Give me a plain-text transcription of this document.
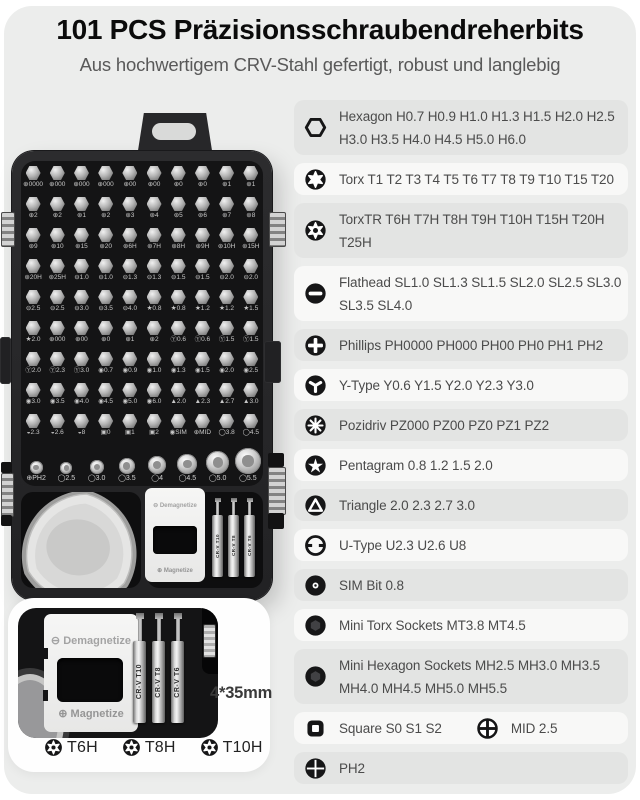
101 PCS Präzisionsschraubendreherbits
Aus hochwertigem CRV-Stahl gefertigt, robust und langlebig
⊕0000 ⊕000 ⊕000 ⊕000 ⊕00 ⊕00 ⊕0 ⊕0 ⊕1 ⊕1
⊕2 ⊕2 ⊛1 ⊛2 ⊛3 ⊛4 ⊛5 ⊛6 ⊛7 ⊛8
⊛9 ⊛10 ⊛15 ⊛20 ⊛6H ⊛7H ⊛8H ⊛9H ⊛10H ⊛15H
⊛20H ⊛25H ⊖1.0 ⊖1.0 ⊖1.3 ⊖1.3 ⊖1.5 ⊖1.5 ⊖2.0 ⊖2.0
⊖2.5 ⊖2.5 ⊖3.0 ⊖3.5 ⊖4.0 ★0.8 ★0.8 ★1.2 ★1.2 ★1.5
★2.0 ⊕000 ⊕00 ⊕0 ⊕1 ⊕2 Ⓨ0.6 Ⓨ0.6 Ⓨ1.5 Ⓨ1.5
Ⓨ2.0 Ⓨ2.3 Ⓨ3.0 ◉0.7 ◉0.9 ◉1.0 ◉1.3 ◉1.5 ◉2.0 ◉2.5
◉3.0 ◉3.5 ◉4.0 ◉4.5 ◉5.0 ◉6.0 ▲2.0 ▲2.3 ▲2.7 ▲3.0
◒2.3 ◒2.6 ◒8 ▣0 ▣1 ▣2 ◉SIM ⊕MID ◯3.8 ◯4.5
⊕PH2 ◯2.5 ◯3.0 ◯3.5 ◯4 ◯4.5 ◯5.0 ◯5.5
⊖ Demagnetize
⊕ Magnetize
CR-V T10 CR-V T8 CR-V T6
⊖ Demagnetize
⊕ Magnetize
CR-V T10 CR-V T8 CR-V T6 4*35mm
T6H	T8H	T10H
Hexagon H0.7 H0.9 H1.0 H1.3 H1.5 H2.0 H2.5 H3.0 H3.5 H4.0 H4.5 H5.0 H6.0
Torx T1 T2 T3 T4 T5 T6 T7 T8 T9 T10 T15 T20
TorxTR T6H T7H T8H T9H T10H T15H T20H T25H
Flathead SL1.0 SL1.3 SL1.5 SL2.0 SL2.5 SL3.0 SL3.5 SL4.0
Phillips PH0000 PH000 PH00 PH0 PH1 PH2
Y-Type Y0.6 Y1.5 Y2.0 Y2.3 Y3.0
Pozidriv PZ000 PZ00 PZ0 PZ1 PZ2
Pentagram 0.8 1.2 1.5 2.0
Triangle 2.0 2.3 2.7 3.0
U-Type U2.3 U2.6 U8
SIM Bit 0.8
Mini Torx Sockets MT3.8 MT4.5
Mini Hexagon Sockets MH2.5 MH3.0 MH3.5 MH4.0 MH4.5 MH5.0 MH5.5
Square S0 S1 S2	MID 2.5
PH2
